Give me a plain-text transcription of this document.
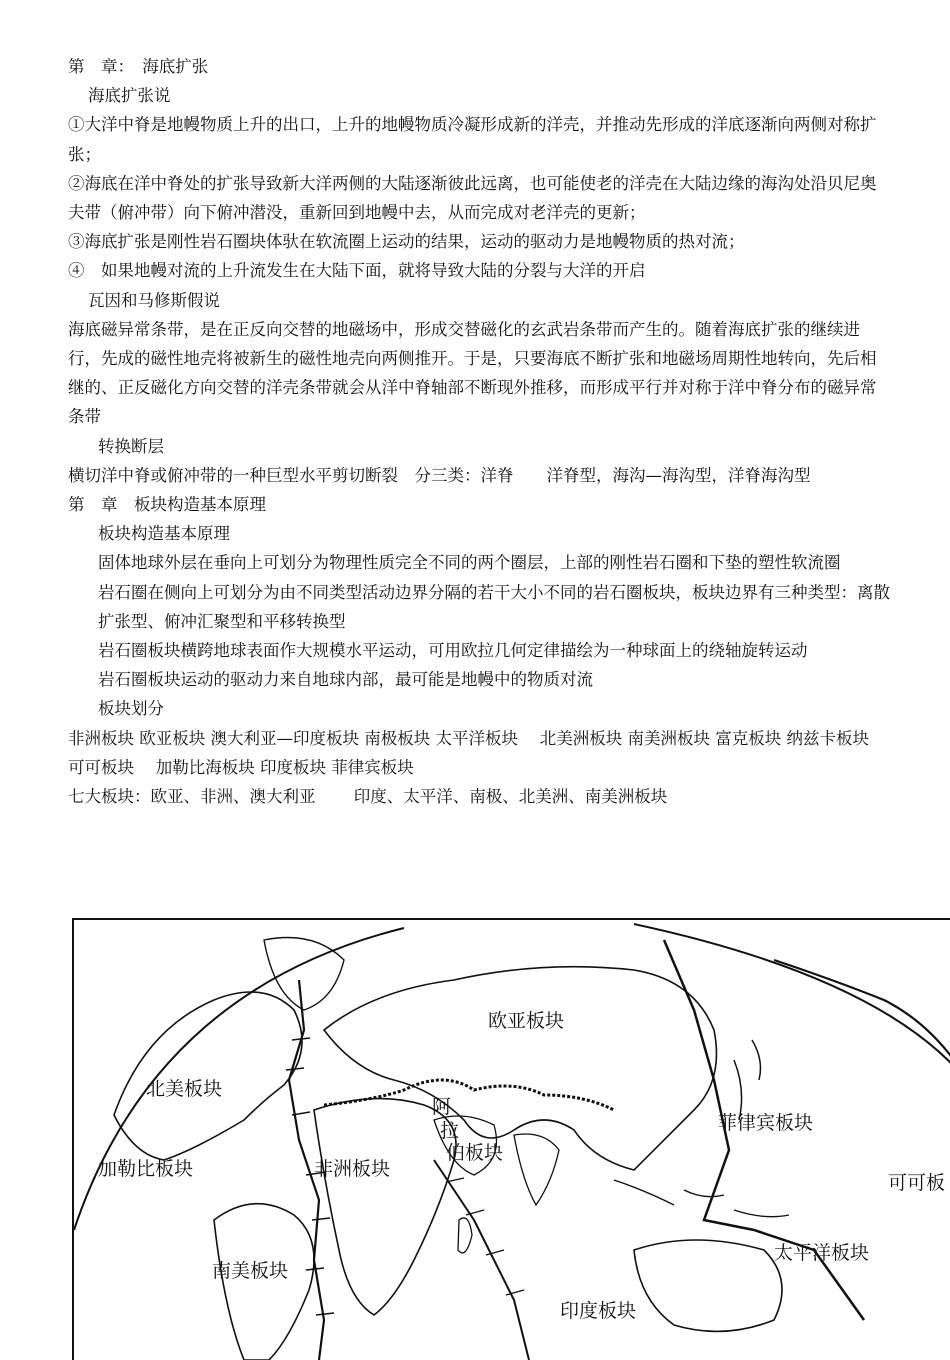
第　章：　海底扩张
海底扩张说
①大洋中脊是地幔物质上升的出口，上升的地幔物质冷凝形成新的洋壳，并推动先形成的洋底逐渐向两侧对称扩张；
②海底在洋中脊处的扩张导致新大洋两侧的大陆逐渐彼此远离，也可能使老的洋壳在大陆边缘的海沟处沿贝尼奥夫带（俯冲带）向下俯冲潜没，重新回到地幔中去，从而完成对老洋壳的更新；
③海底扩张是刚性岩石圈块体驮在软流圈上运动的结果，运动的驱动力是地幔物质的热对流；
④　如果地幔对流的上升流发生在大陆下面，就将导致大陆的分裂与大洋的开启
瓦因和马修斯假说
海底磁异常条带，是在正反向交替的地磁场中，形成交替磁化的玄武岩条带而产生的。随着海底扩张的继续进行，先成的磁性地壳将被新生的磁性地壳向两侧推开。于是，只要海底不断扩张和地磁场周期性地转向，先后相继的、正反磁化方向交替的洋壳条带就会从洋中脊轴部不断现外推移，而形成平行并对称于洋中脊分布的磁异常条带
转换断层
横切洋中脊或俯冲带的一种巨型水平剪切断裂　分三类：洋脊　　洋脊型，海沟—海沟型，洋脊海沟型
第　章　板块构造基本原理
板块构造基本原理
固体地球外层在垂向上可划分为物理性质完全不同的两个圈层，上部的刚性岩石圈和下垫的塑性软流圈
岩石圈在侧向上可划分为由不同类型活动边界分隔的若干大小不同的岩石圈板块，板块边界有三种类型：离散扩张型、俯冲汇聚型和平移转换型
岩石圈板块横跨地球表面作大规模水平运动，可用欧拉几何定律描绘为一种球面上的绕轴旋转运动
岩石圈板块运动的驱动力来自地球内部，最可能是地幔中的物质对流
板块划分
非洲板块 欧亚板块 澳大利亚—印度板块 南极板块 太平洋板块　 北美洲板块 南美洲板块 富克板块 纳兹卡板块 可可板块　 加勒比海板块 印度板块 菲律宾板块
七大板块：欧亚、非洲、澳大利亚　　 印度、太平洋、南极、北美洲、南美洲板块
欧亚板块
北美板块
加勒比板块	非洲板块
阿
拉
伯板块
菲律宾板块
可可板
南美板块
太平洋板块
印度板块
